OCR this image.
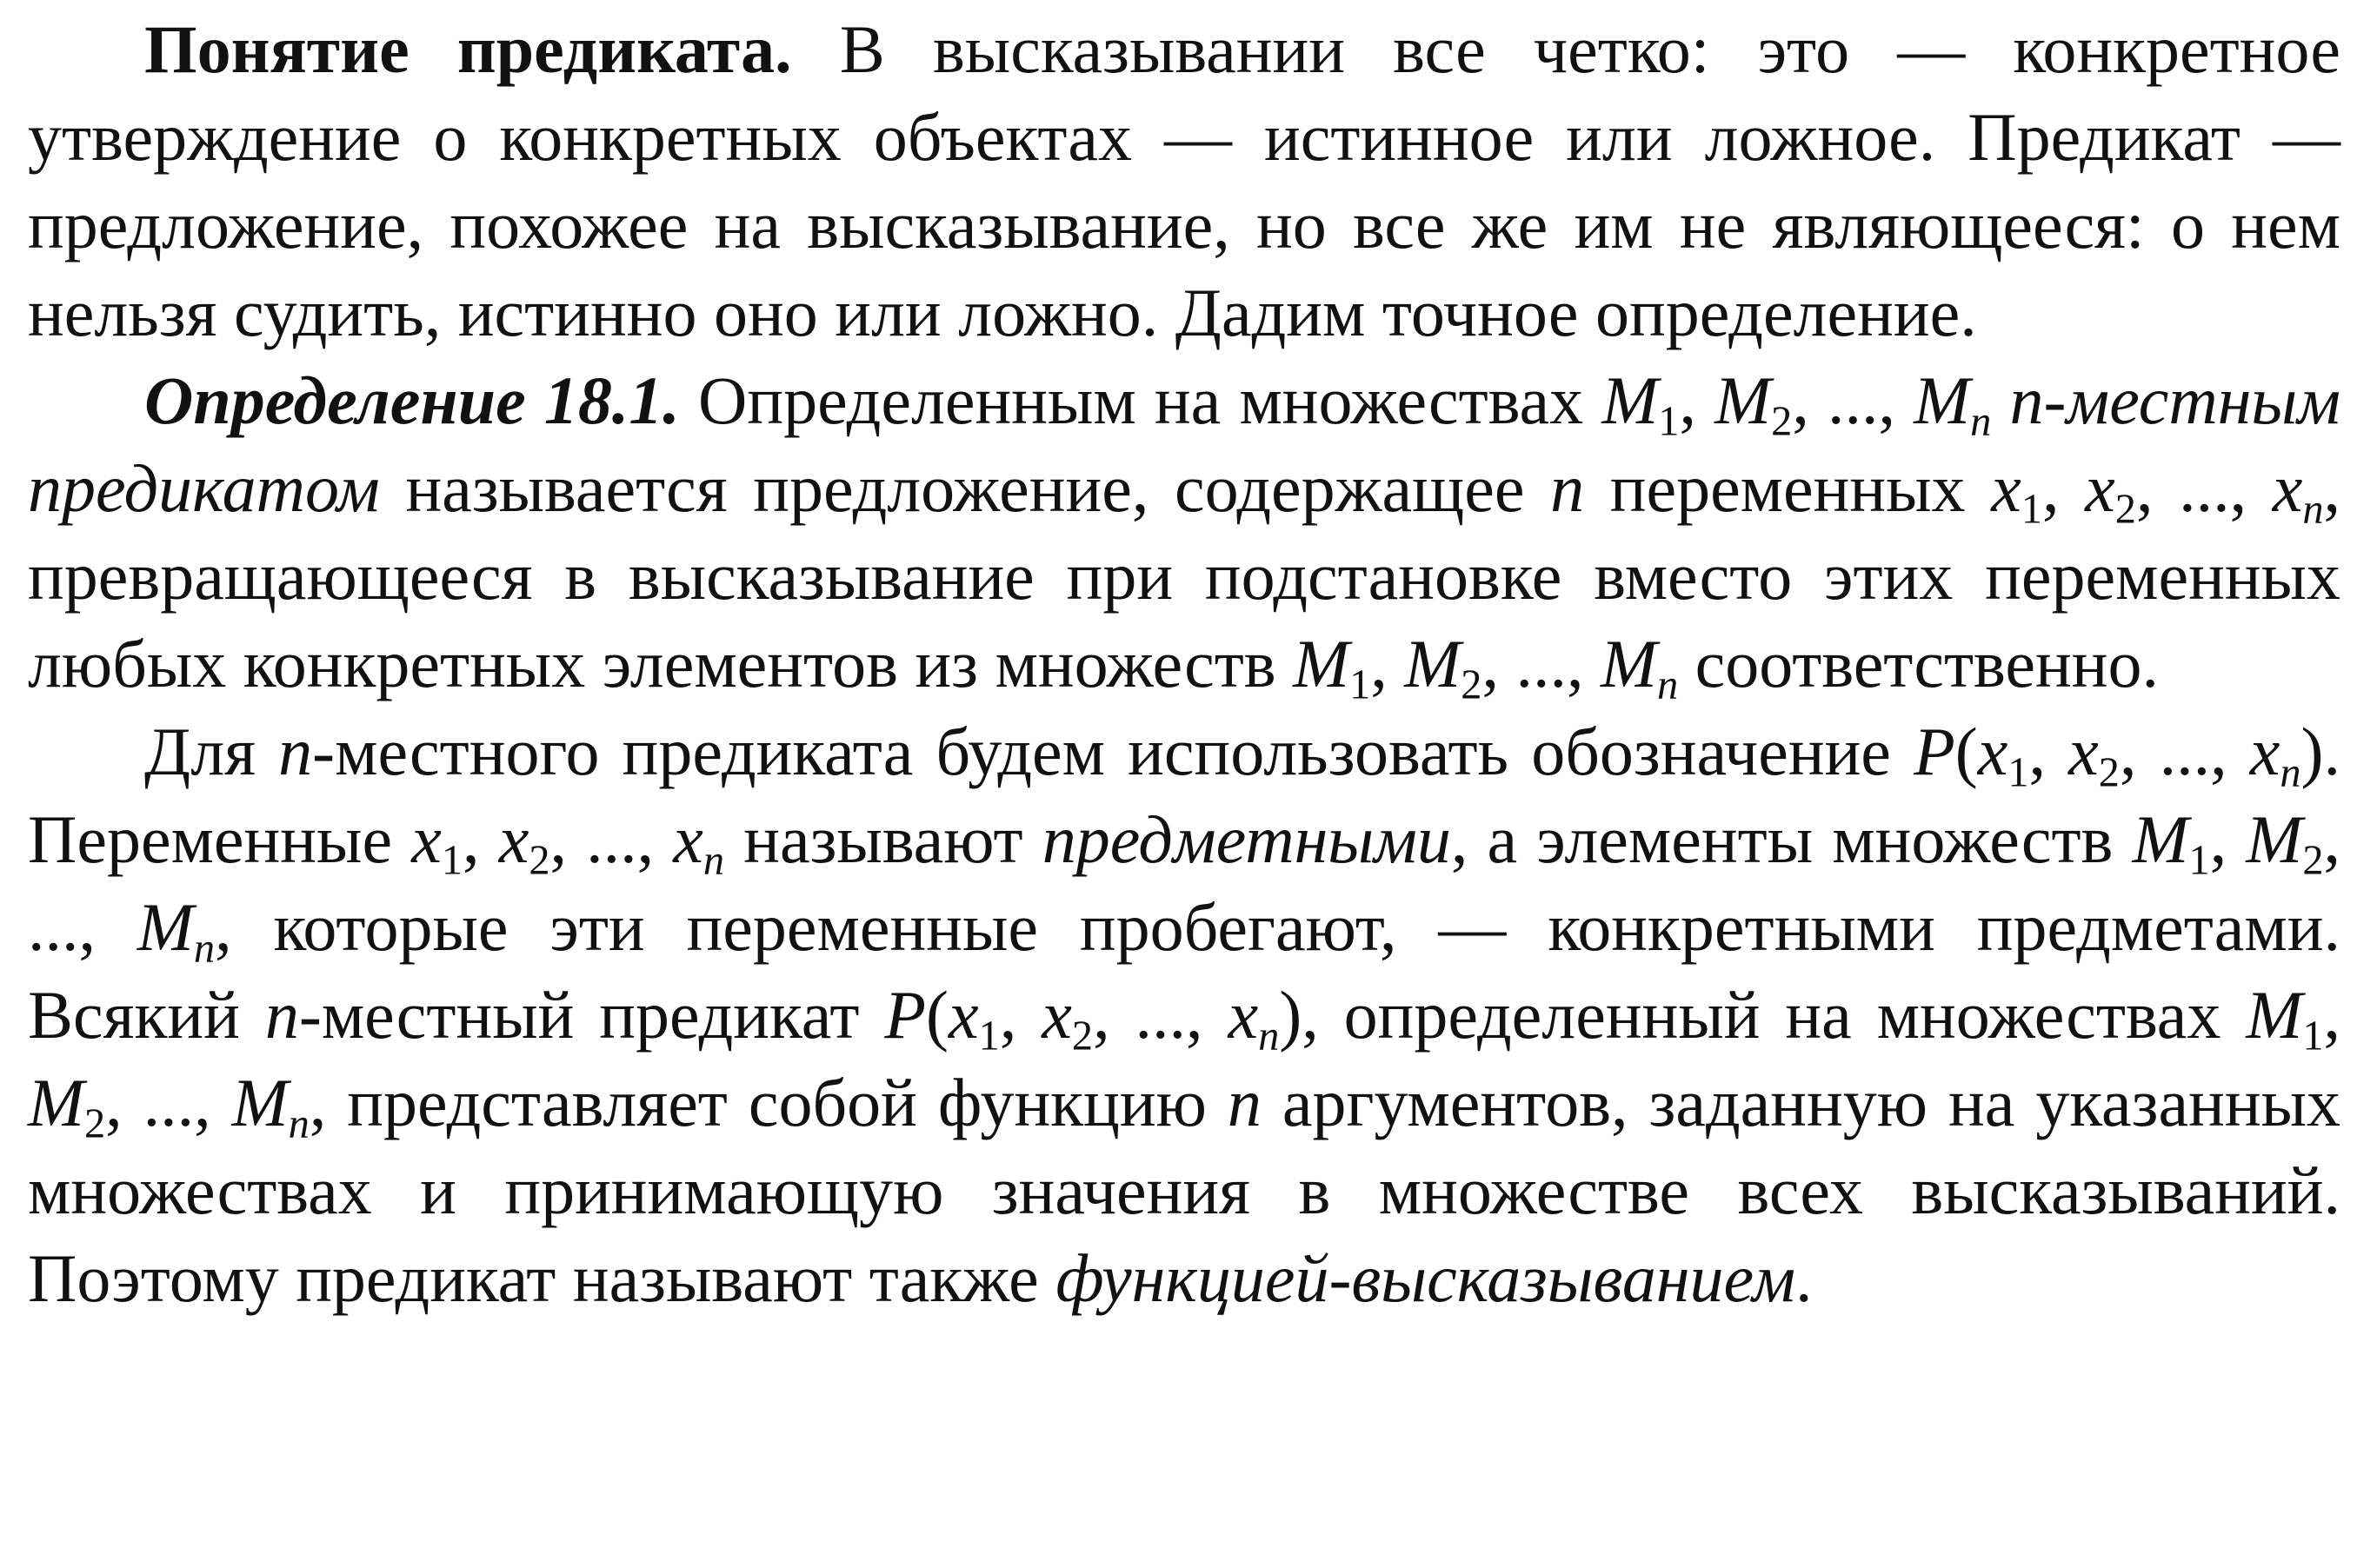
Понятие предиката. В высказывании все четко: это — конкретное утверждение о конкретных объектах — истинное или ложное. Предикат — предложение, похожее на высказывание, но все же им не являющееся: о нем нельзя судить, истинно оно или ложно. Дадим точное определение.

Определение 18.1. Определенным на множествах $M_1$, $M_2$, ..., $M_n$ n-местным предикатом называется предложение, содержащее n переменных $x_1$, $x_2$, ..., $x_n$, превращающееся в высказывание при подстановке вместо этих переменных любых конкретных элементов из множеств $M_1$, $M_2$, ..., $M_n$ соответственно.

Для n-местного предиката будем использовать обозначение $P(x_1$, $x_2$, ..., $x_n$). Переменные $x_1$, $x_2$, ..., $x_n$ называют предметными, а элементы множеств $M_1$, $M_2$, ..., $M_n$, которые эти переменные пробегают, — конкретными предметами. Всякий n-местный предикат $P(x_1$, $x_2$, ..., $x_n$), определенный на множествах $M_1$, $M_2$, ..., $M_n$, представляет собой функцию n аргументов, заданную на указанных множествах и принимающую значения в множестве всех высказываний. Поэтому предикат называют также функцией-высказыванием.
